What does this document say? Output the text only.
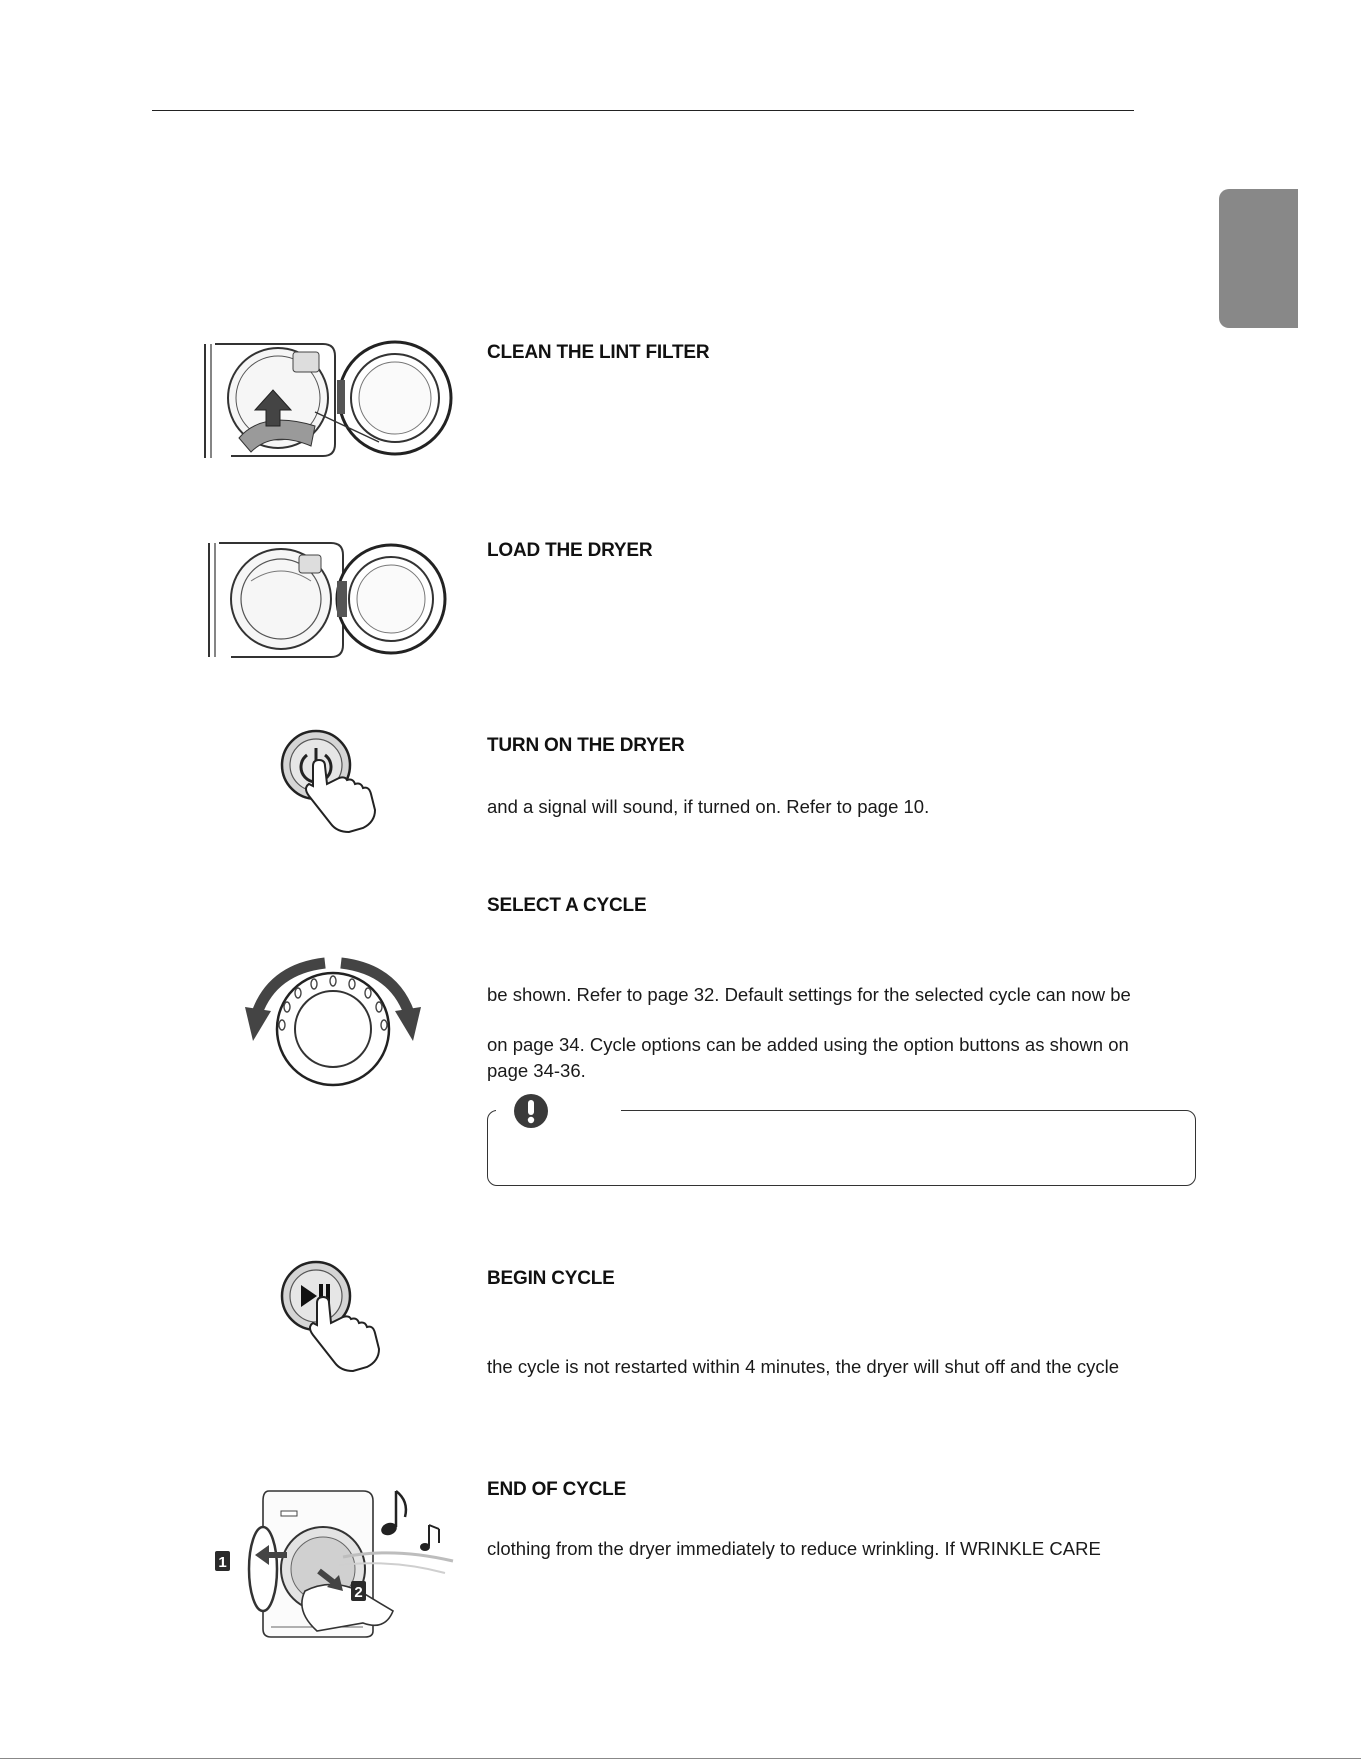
CLEAN THE LINT FILTER
LOAD THE DRYER
TURN ON THE DRYER

and a signal will sound, if turned on. Refer to page 10.

SELECT A CYCLE

be shown. Refer to page 32. Default settings for the selected cycle can now be

on page 34. Cycle options can be added using the option buttons as shown on

page 34-36.

BEGIN CYCLE

the cycle is not restarted within 4 minutes, the dryer will shut off and the cycle

1
2
END OF CYCLE

clothing from the dryer immediately to reduce wrinkling. If WRINKLE CARE
